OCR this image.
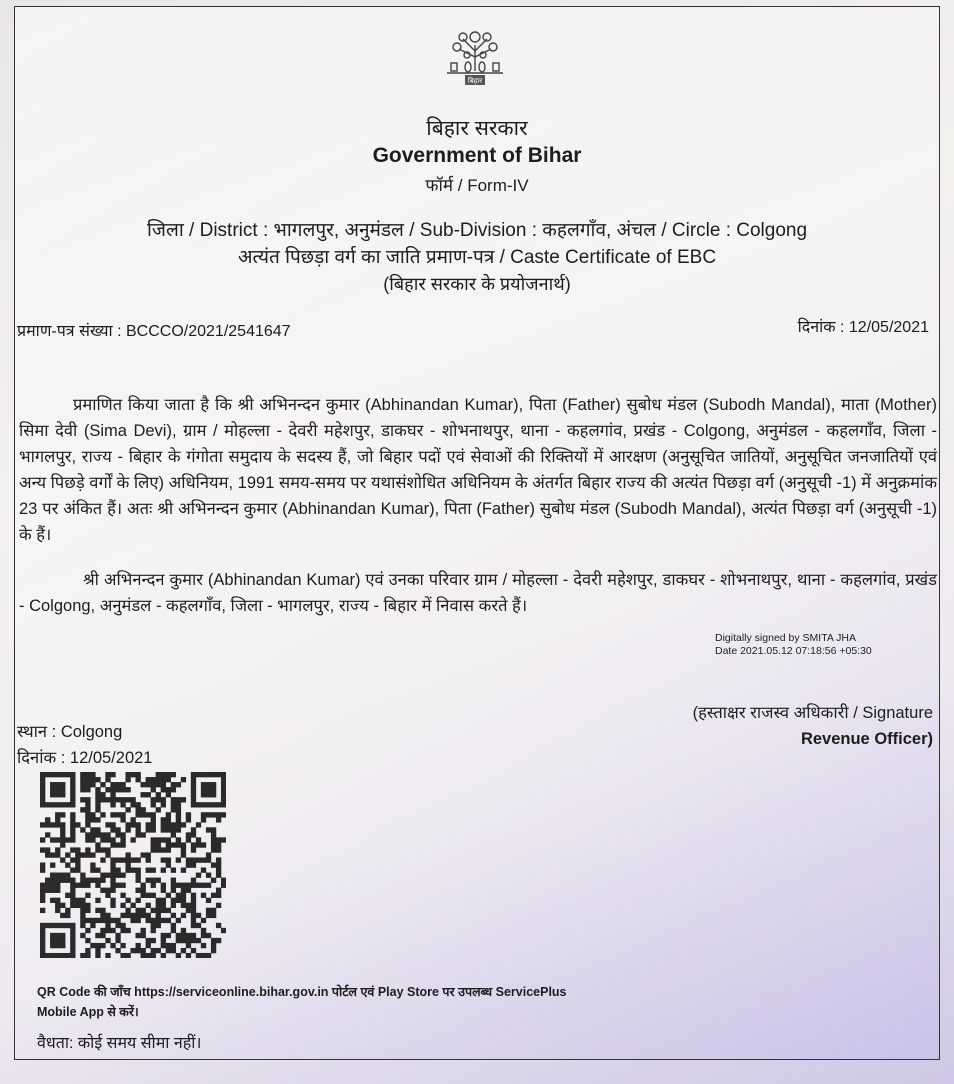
बिहार
बिहार सरकार
Government of Bihar
फॉर्म / Form-IV
जिला / District : भागलपुर, अनुमंडल / Sub-Division : कहलगाँव, अंचल / Circle : Colgong
अत्यंत पिछड़ा वर्ग का जाति प्रमाण-पत्र / Caste Certificate of EBC
(बिहार सरकार के प्रयोजनार्थ)
प्रमाण-पत्र संख्या : BCCCO/2021/2541647	दिनांक : 12/05/2021
प्रमाणित किया जाता है कि श्री अभिनन्दन कुमार (Abhinandan Kumar), पिता (Father) सुबोध मंडल (Subodh Mandal), माता (Mother) सिमा देवी (Sima Devi), ग्राम / मोहल्ला - देवरी महेशपुर, डाकघर - शोभनाथपुर, थाना - कहलगांव, प्रखंड - Colgong, अनुमंडल - कहलगाँव, जिला - भागलपुर, राज्य - बिहार के गंगोता समुदाय के सदस्य हैं, जो बिहार पदों एवं सेवाओं की रिक्तियों में आरक्षण (अनुसूचित जातियों, अनुसूचित जनजातियों एवं अन्य पिछड़े वर्गों के लिए) अधिनियम, 1991 समय-समय पर यथासंशोधित अधिनियम के अंतर्गत बिहार राज्य की अत्यंत पिछड़ा वर्ग (अनुसूची -1) में अनुक्रमांक 23 पर अंकित हैं। अतः श्री अभिनन्दन कुमार (Abhinandan Kumar), पिता (Father) सुबोध मंडल (Subodh Mandal), अत्यंत पिछड़ा वर्ग (अनुसूची -1) के हैं।
श्री अभिनन्दन कुमार (Abhinandan Kumar) एवं उनका परिवार ग्राम / मोहल्ला - देवरी महेशपुर, डाकघर - शोभनाथपुर, थाना - कहलगांव, प्रखंड - Colgong, अनुमंडल - कहलगाँव, जिला - भागलपुर, राज्य - बिहार में निवास करते हैं।
Digitally signed by SMITA JHA
Date 2021.05.12 07:18:56 +05:30
(हस्ताक्षर राजस्व अधिकारी / Signature
Revenue Officer)
स्थान : Colgong
दिनांक : 12/05/2021
QR Code की जाँच https://serviceonline.bihar.gov.in पोर्टल एवं Play Store पर उपलब्ध ServicePlus
Mobile App से करें।
वैधता: कोई समय सीमा नहीं।
